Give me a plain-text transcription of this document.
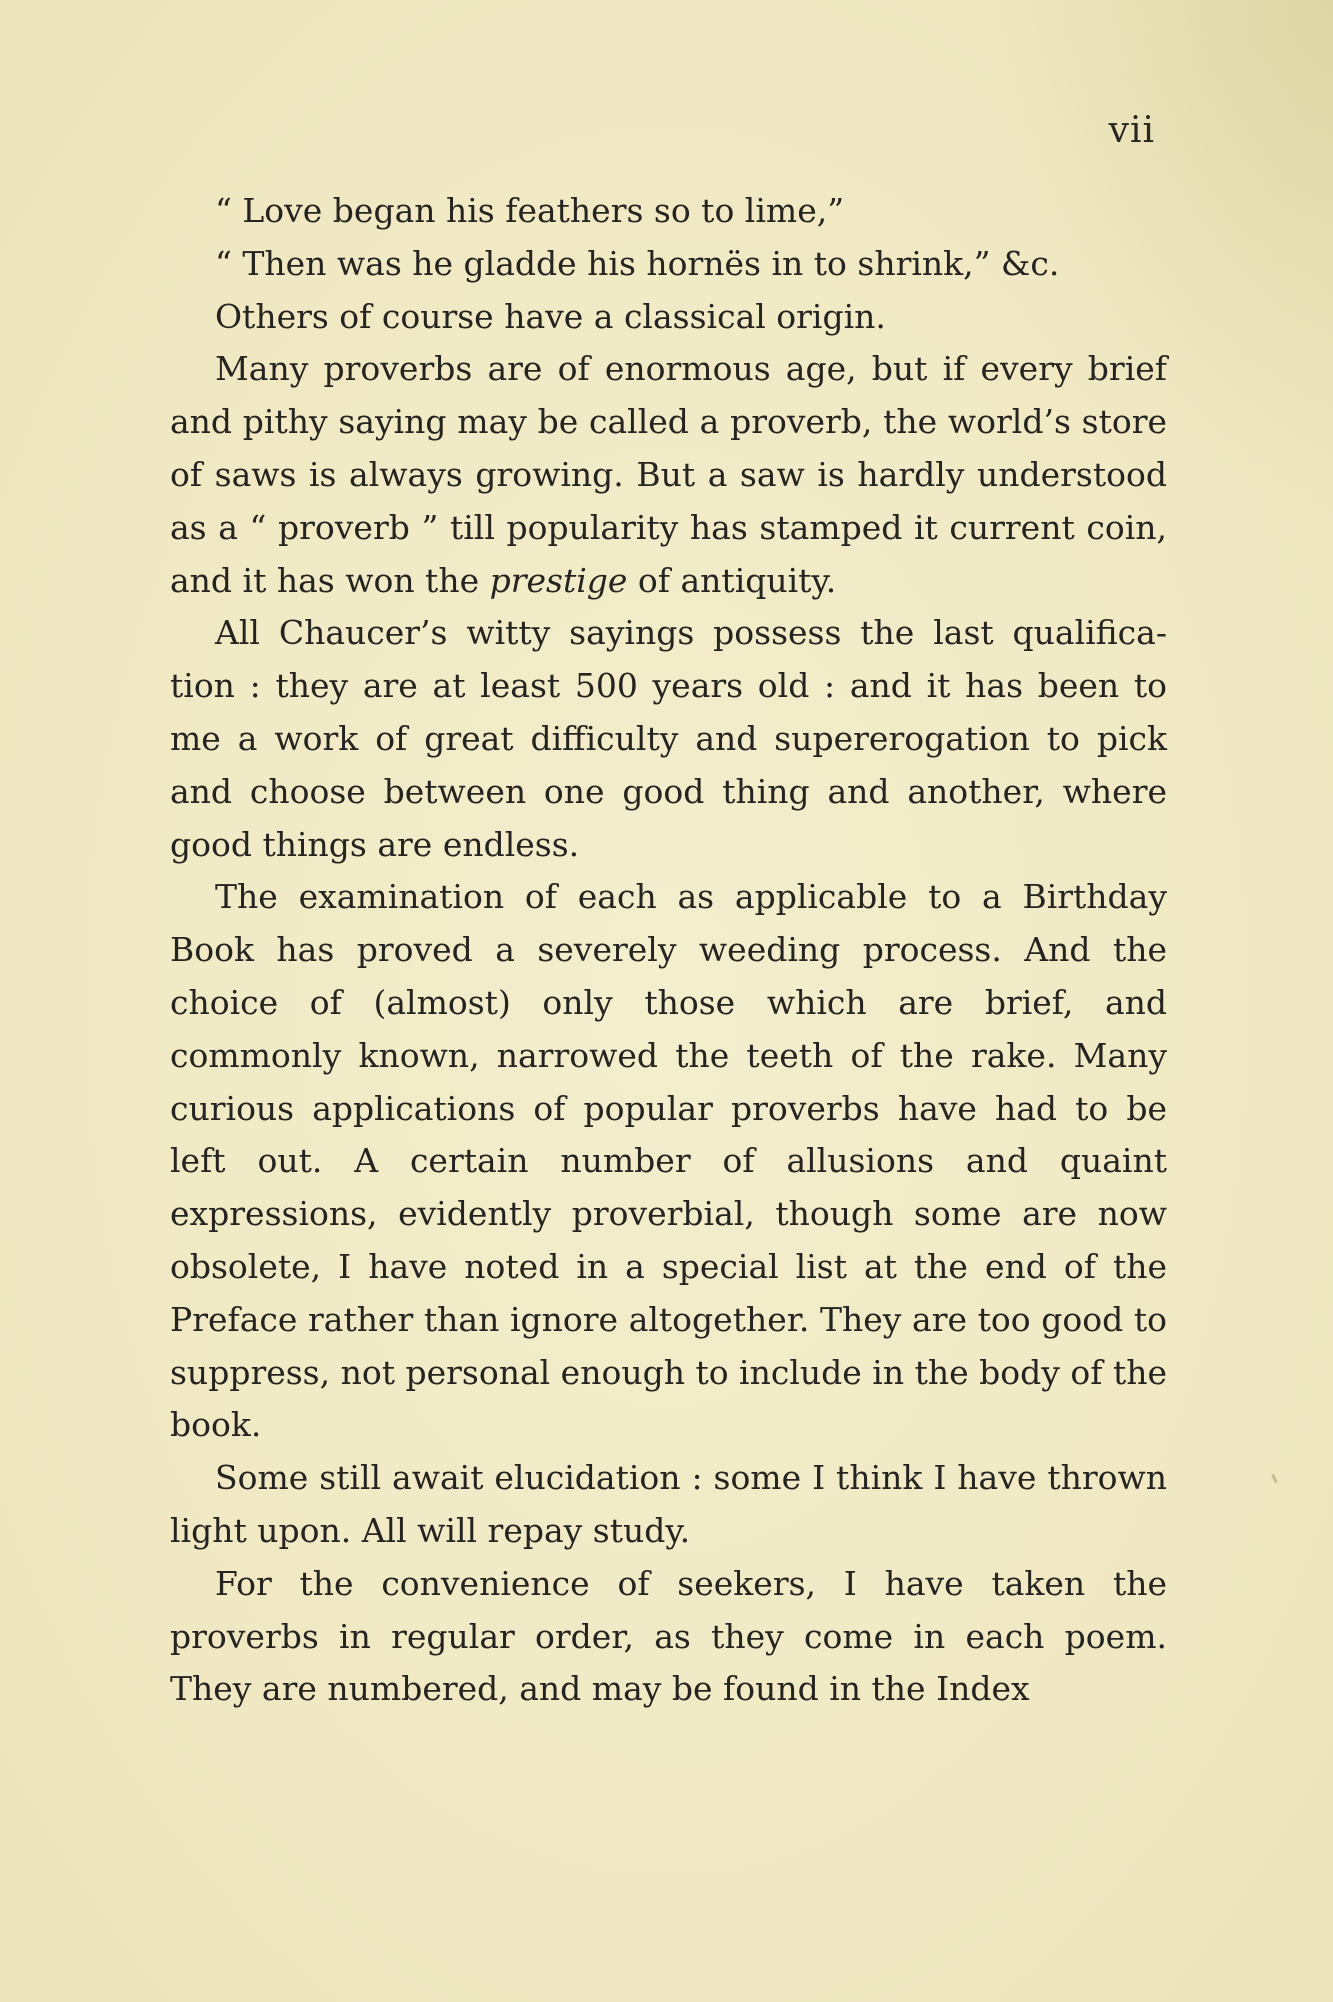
vii

“ Love began his feathers so to lime,”

“ Then was he gladde his hornës in to shrink,” &c.

Others of course have a classical origin.

Many proverbs are of enormous age, but if every brief and pithy saying may be called a proverb, the world’s store of saws is always growing. But a saw is hardly understood as a “ proverb ” till popularity has stamped it current coin, and it has won the prestige of antiquity.

All Chaucer’s witty sayings possess the last qualifica-tion : they are at least 500 years old : and it has been to me a work of great difficulty and supererogation to pick and choose between one good thing and another, where good things are endless.

The examination of each as applicable to a Birthday Book has proved a severely weeding process. And the choice of (almost) only those which are brief, and commonly known, narrowed the teeth of the rake. Many curious applications of popular proverbs have had to be left out. A certain number of allusions and quaint expressions, evidently proverbial, though some are now obsolete, I have noted in a special list at the end of the Preface rather than ignore altogether. They are too good to suppress, not personal enough to include in the body of the book.

Some still await elucidation : some I think I have thrown light upon. All will repay study.

For the convenience of seekers, I have taken the proverbs in regular order, as they come in each poem. They are numbered, and may be found in the Index
